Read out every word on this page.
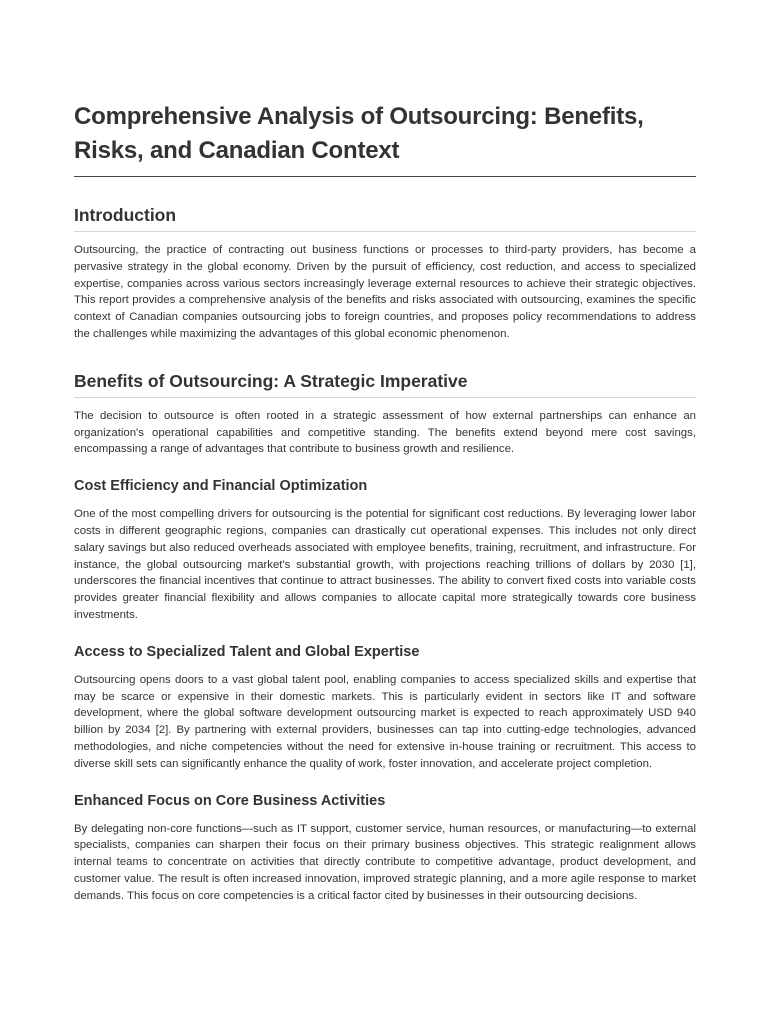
Comprehensive Analysis of Outsourcing: Benefits, Risks, and Canadian Context
Introduction

Outsourcing, the practice of contracting out business functions or processes to third-party providers, has become a pervasive strategy in the global economy. Driven by the pursuit of efficiency, cost reduction, and access to specialized expertise, companies across various sectors increasingly leverage external resources to achieve their strategic objectives. This report provides a comprehensive analysis of the benefits and risks associated with outsourcing, examines the specific context of Canadian companies outsourcing jobs to foreign countries, and proposes policy recommendations to address the challenges while maximizing the advantages of this global economic phenomenon.

Benefits of Outsourcing: A Strategic Imperative

The decision to outsource is often rooted in a strategic assessment of how external partnerships can enhance an organization's operational capabilities and competitive standing. The benefits extend beyond mere cost savings, encompassing a range of advantages that contribute to business growth and resilience.

Cost Efficiency and Financial Optimization

One of the most compelling drivers for outsourcing is the potential for significant cost reductions. By leveraging lower labor costs in different geographic regions, companies can drastically cut operational expenses. This includes not only direct salary savings but also reduced overheads associated with employee benefits, training, recruitment, and infrastructure. For instance, the global outsourcing market's substantial growth, with projections reaching trillions of dollars by 2030 [1], underscores the financial incentives that continue to attract businesses. The ability to convert fixed costs into variable costs provides greater financial flexibility and allows companies to allocate capital more strategically towards core business investments.

Access to Specialized Talent and Global Expertise

Outsourcing opens doors to a vast global talent pool, enabling companies to access specialized skills and expertise that may be scarce or expensive in their domestic markets. This is particularly evident in sectors like IT and software development, where the global software development outsourcing market is expected to reach approximately USD 940 billion by 2034 [2]. By partnering with external providers, businesses can tap into cutting-edge technologies, advanced methodologies, and niche competencies without the need for extensive in-house training or recruitment. This access to diverse skill sets can significantly enhance the quality of work, foster innovation, and accelerate project completion.

Enhanced Focus on Core Business Activities

By delegating non-core functions—such as IT support, customer service, human resources, or manufacturing—to external specialists, companies can sharpen their focus on their primary business objectives. This strategic realignment allows internal teams to concentrate on activities that directly contribute to competitive advantage, product development, and customer value. The result is often increased innovation, improved strategic planning, and a more agile response to market demands. This focus on core competencies is a critical factor cited by businesses in their outsourcing decisions.
